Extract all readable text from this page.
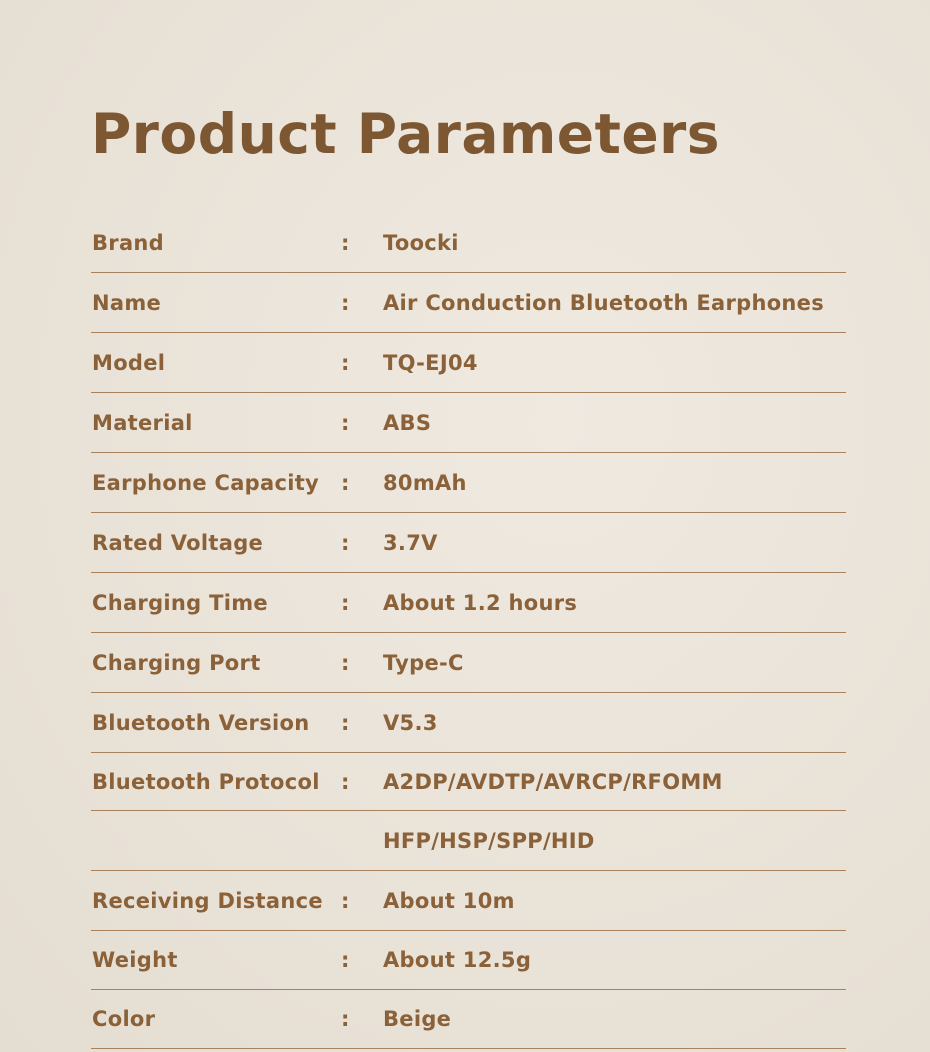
Product Parameters
Brand	: Toocki
Name	: Air Conduction Bluetooth Earphones
Model	: TQ-EJ04
Material	: ABS
Earphone Capacity : 80mAh
Rated Voltage	: 3.7V
Charging Time	: About 1.2 hours
Charging Port	: Type-C
Bluetooth Version : V5.3
Bluetooth Protocol : A2DP/AVDTP/AVRCP/RFOMM
HFP/HSP/SPP/HID
Receiving Distance : About 10m
Weight	: About 12.5g
Color	: Beige
